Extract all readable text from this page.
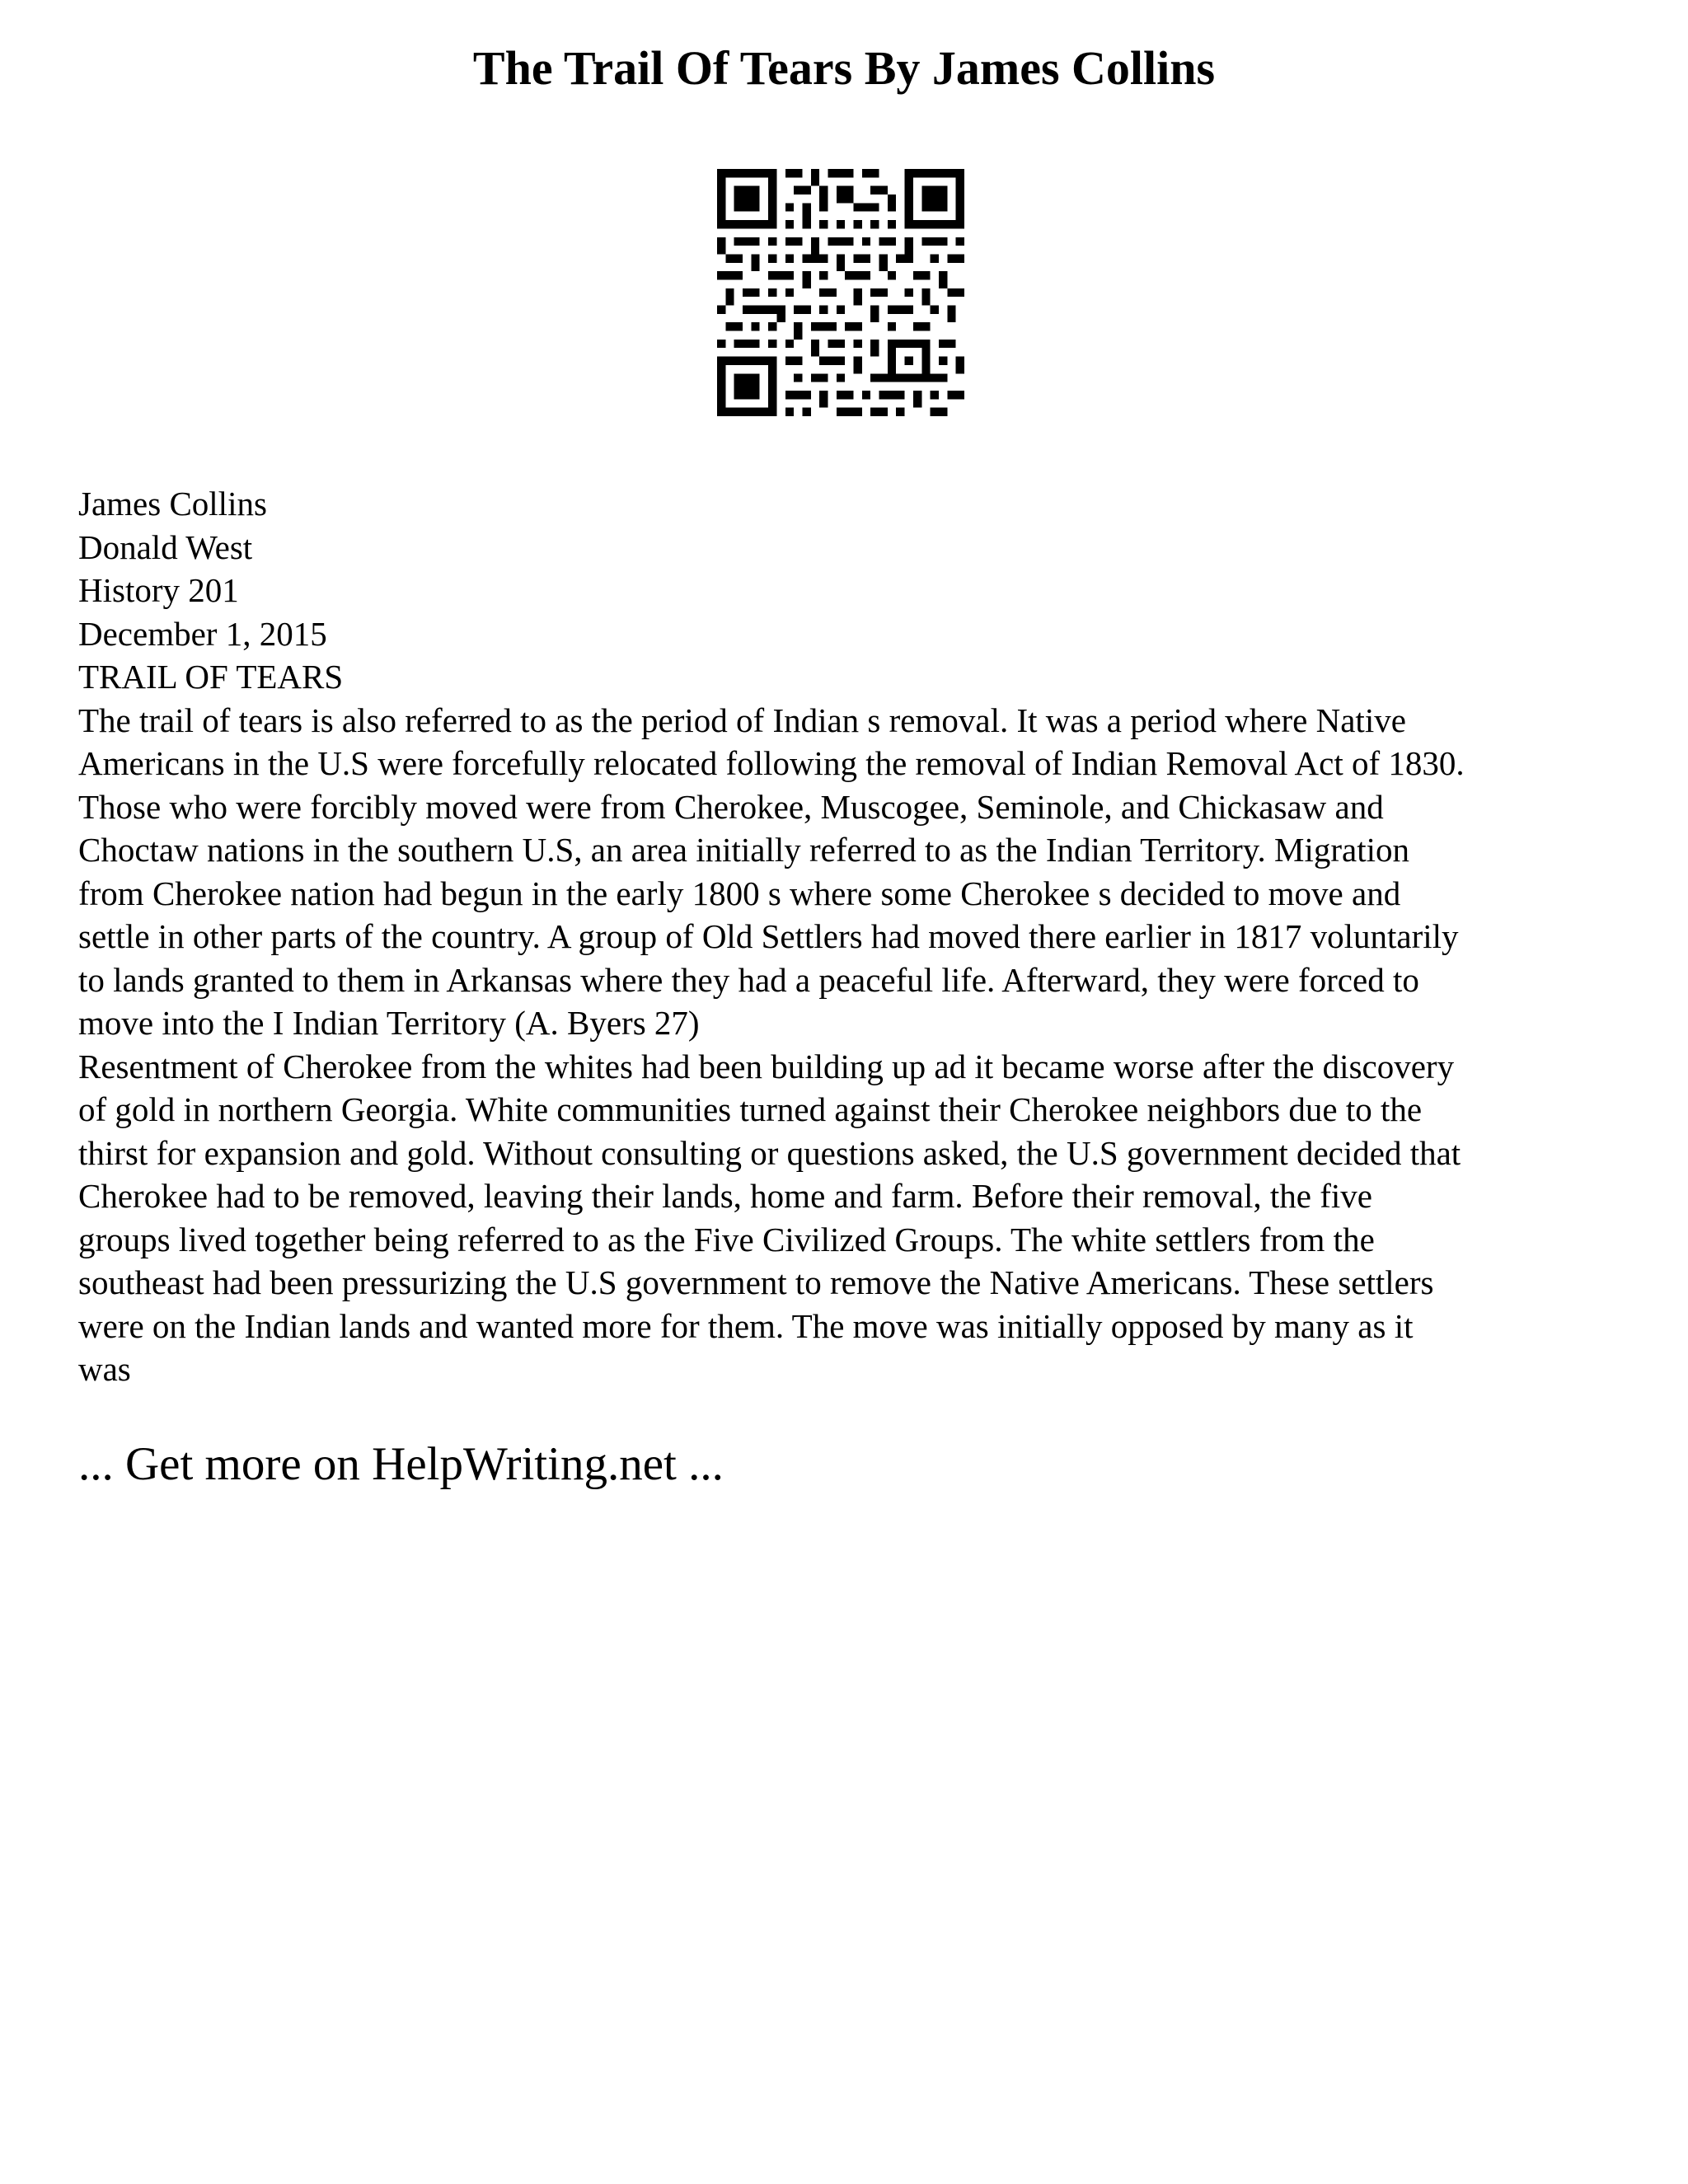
The Trail Of Tears By James Collins
James Collins
Donald West
History 201
December 1, 2015
TRAIL OF TEARS
The trail of tears is also referred to as the period of Indian s removal. It was a period where Native
Americans in the U.S were forcefully relocated following the removal of Indian Removal Act of 1830.
Those who were forcibly moved were from Cherokee, Muscogee, Seminole, and Chickasaw and
Choctaw nations in the southern U.S, an area initially referred to as the Indian Territory. Migration
from Cherokee nation had begun in the early 1800 s where some Cherokee s decided to move and
settle in other parts of the country. A group of Old Settlers had moved there earlier in 1817 voluntarily
to lands granted to them in Arkansas where they had a peaceful life. Afterward, they were forced to
move into the I Indian Territory (A. Byers 27)
Resentment of Cherokee from the whites had been building up ad it became worse after the discovery
of gold in northern Georgia. White communities turned against their Cherokee neighbors due to the
thirst for expansion and gold. Without consulting or questions asked, the U.S government decided that
Cherokee had to be removed, leaving their lands, home and farm. Before their removal, the five
groups lived together being referred to as the Five Civilized Groups. The white settlers from the
southeast had been pressurizing the U.S government to remove the Native Americans. These settlers
were on the Indian lands and wanted more for them. The move was initially opposed by many as it
was
... Get more on HelpWriting.net ...
